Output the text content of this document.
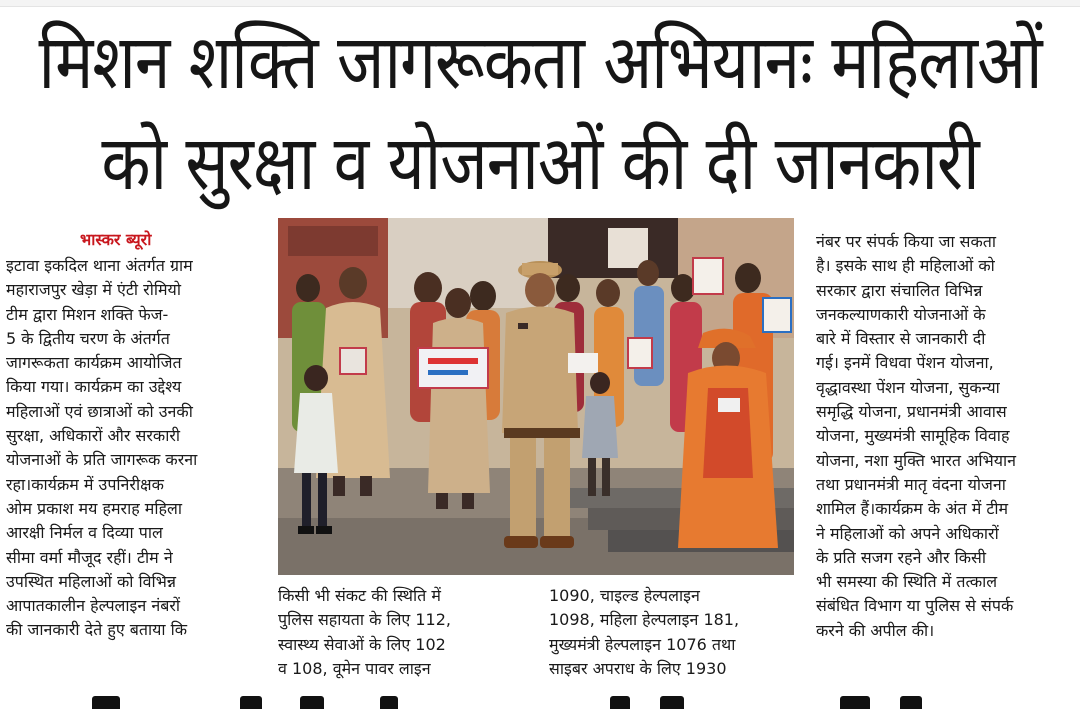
मिशन शक्ति जागरूकता अभियानः महिलाओं
को सुरक्षा व योजनाओं की दी जानकारी
भास्कर ब्यूरो
इटावा इकदिल थाना अंतर्गत ग्राम
महाराजपुर खेड़ा में एंटी रोमियो
टीम द्वारा मिशन शक्ति फेज-
5 के द्वितीय चरण के अंतर्गत
जागरूकता कार्यक्रम आयोजित
किया गया। कार्यक्रम का उद्देश्य
महिलाओं एवं छात्राओं को उनकी
सुरक्षा, अधिकारों और सरकारी
योजनाओं के प्रति जागरूक करना
रहा।कार्यक्रम में उपनिरीक्षक
ओम प्रकाश मय हमराह महिला
आरक्षी निर्मल व दिव्या पाल
सीमा वर्मा मौजूद रहीं। टीम ने
उपस्थित महिलाओं को विभिन्न
आपातकालीन हेल्पलाइन नंबरों
की जानकारी देते हुए बताया कि
किसी भी संकट की स्थिति में
पुलिस सहायता के लिए 112,
स्वास्थ्य सेवाओं के लिए 102
व 108, वूमेन पावर लाइन
1090, चाइल्ड हेल्पलाइन
1098, महिला हेल्पलाइन 181,
मुख्यमंत्री हेल्पलाइन 1076 तथा
साइबर अपराध के लिए 1930
नंबर पर संपर्क किया जा सकता
है। इसके साथ ही महिलाओं को
सरकार द्वारा संचालित विभिन्न
जनकल्याणकारी योजनाओं के
बारे में विस्तार से जानकारी दी
गई। इनमें विधवा पेंशन योजना,
वृद्धावस्था पेंशन योजना, सुकन्या
समृद्धि योजना, प्रधानमंत्री आवास
योजना, मुख्यमंत्री सामूहिक विवाह
योजना, नशा मुक्ति भारत अभियान
तथा प्रधानमंत्री मातृ वंदना योजना
शामिल हैं।कार्यक्रम के अंत में टीम
ने महिलाओं को अपने अधिकारों
के प्रति सजग रहने और किसी
भी समस्या की स्थिति में तत्काल
संबंधित विभाग या पुलिस से संपर्क
करने की अपील की।
